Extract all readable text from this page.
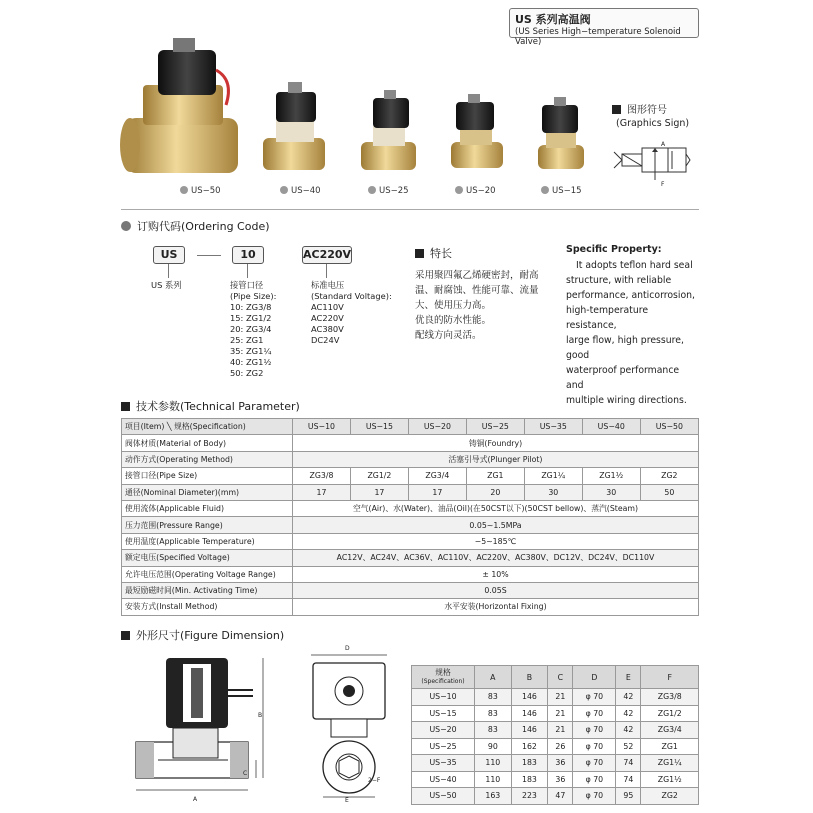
US 系列高温阀
(US Series High−temperature Solenoid Valve)
US−50	US−40	US−25	US−20	US−15
图形符号
(Graphics Sign)
A
F
订购代码(Ordering Code)
US	10	AC220V
US 系列	接管口径
(Pipe Size):
10: ZG3/8
15: ZG1/2
20: ZG3/4
25: ZG1
35: ZG1¼
40: ZG1½
50: ZG2
标准电压
(Standard Voltage):
AC110V
AC220V
AC380V
DC24V
特长
采用聚四氟乙烯硬密封，耐高
温、耐腐蚀、性能可靠、流量
大、使用压力高。
优良的防水性能。
配线方向灵活。
Specific Property:
It adopts teflon hard seal
structure, with reliable
performance, anticorrosion,
high-temperature resistance,
large flow, high pressure, good
waterproof performance and
multiple wiring directions.
技术参数(Technical Parameter)
项目(Item) ╲ 规格(Specification)	US−10	US−15	US−20	US−25	US−35	US−40	US−50
阀体材质(Material of Body)	铸铜(Foundry)						
动作方式(Operating Method)	活塞引导式(Plunger Pilot)						
接管口径(Pipe Size)	ZG3/8	ZG1/2	ZG3/4	ZG1	ZG1¼	ZG1½	ZG2
通径(Nominal Diameter)(mm)	17	17	17	20	30	30	50
使用流体(Applicable Fluid)	空气(Air)、水(Water)、油品(Oil)(在50CST以下)(50CST bellow)、蒸汽(Steam)						
压力范围(Pressure Range)	0.05∼1.5MPa						
使用温度(Applicable Temperature)	−5∼185℃						
额定电压(Specified Voltage)	AC12V、AC24V、AC36V、AC110V、AC220V、AC380V、DC12V、DC24V、DC110V						
允许电压范围(Operating Voltage Range)	± 10%						
最短励磁时间(Min. Activating Time)	0.05S						
安装方式(Install Method)	水平安装(Horizontal Fixing)						
外形尺寸(Figure Dimension)
A
B
C
D
E
2−F
规格
(Specification)	A	B	C	D	E	F
US−10	83	146	21	φ 70	42	ZG3/8
US−15	83	146	21	φ 70	42	ZG1/2
US−20	83	146	21	φ 70	42	ZG3/4
US−25	90	162	26	φ 70	52	ZG1
US−35	110	183	36	φ 70	74	ZG1¼
US−40	110	183	36	φ 70	74	ZG1½
US−50	163	223	47	φ 70	95	ZG2
